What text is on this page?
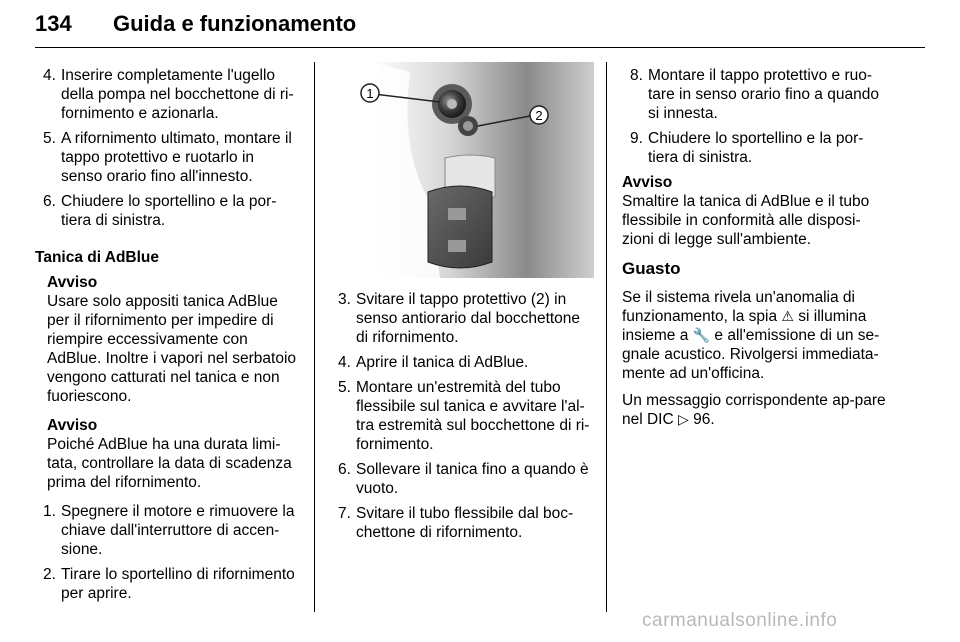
134 Guida e funzionamento
4. Inserire completamente l'ugello della pompa nel bocchettone di ri-fornimento e azionarla.
5. A rifornimento ultimato, montare il tappo protettivo e ruotarlo in senso orario fino all'innesto.
6. Chiudere lo sportellino e la por-tiera di sinistra.
Tanica di AdBlue
Avviso
Usare solo appositi tanica AdBlue per il rifornimento per impedire di riempire eccessivamente con AdBlue. Inoltre i vapori nel serbatoio vengono catturati nel tanica e non fuoriescono.
Avviso
Poiché AdBlue ha una durata limi-tata, controllare la data di scadenza prima del rifornimento.
1. Spegnere il motore e rimuovere la chiave dall'interruttore di accen-sione.
2. Tirare lo sportellino di rifornimento per aprire.
1
2
3. Svitare il tappo protettivo (2) in senso antiorario dal bocchettone di rifornimento.
4. Aprire il tanica di AdBlue.
5. Montare un'estremità del tubo flessibile sul tanica e avvitare l'al-tra estremità sul bocchettone di ri-fornimento.
6. Sollevare il tanica fino a quando è vuoto.
7. Svitare il tubo flessibile dal boc-chettone di rifornimento.
8. Montare il tappo protettivo e ruo-tare in senso orario fino a quando si innesta.
9. Chiudere lo sportellino e la por-tiera di sinistra.
Avviso
Smaltire la tanica di AdBlue e il tubo flessibile in conformità alle disposi-zioni di legge sull'ambiente.
Guasto
Se il sistema rivela un'anomalia di funzionamento, la spia ⚠ si illumina insieme a 🔧 e all'emissione di un se-gnale acustico. Rivolgersi immediata-mente ad un'officina.
Un messaggio corrispondente ap-pare nel DIC ▷ 96.
carmanualsonline.info
